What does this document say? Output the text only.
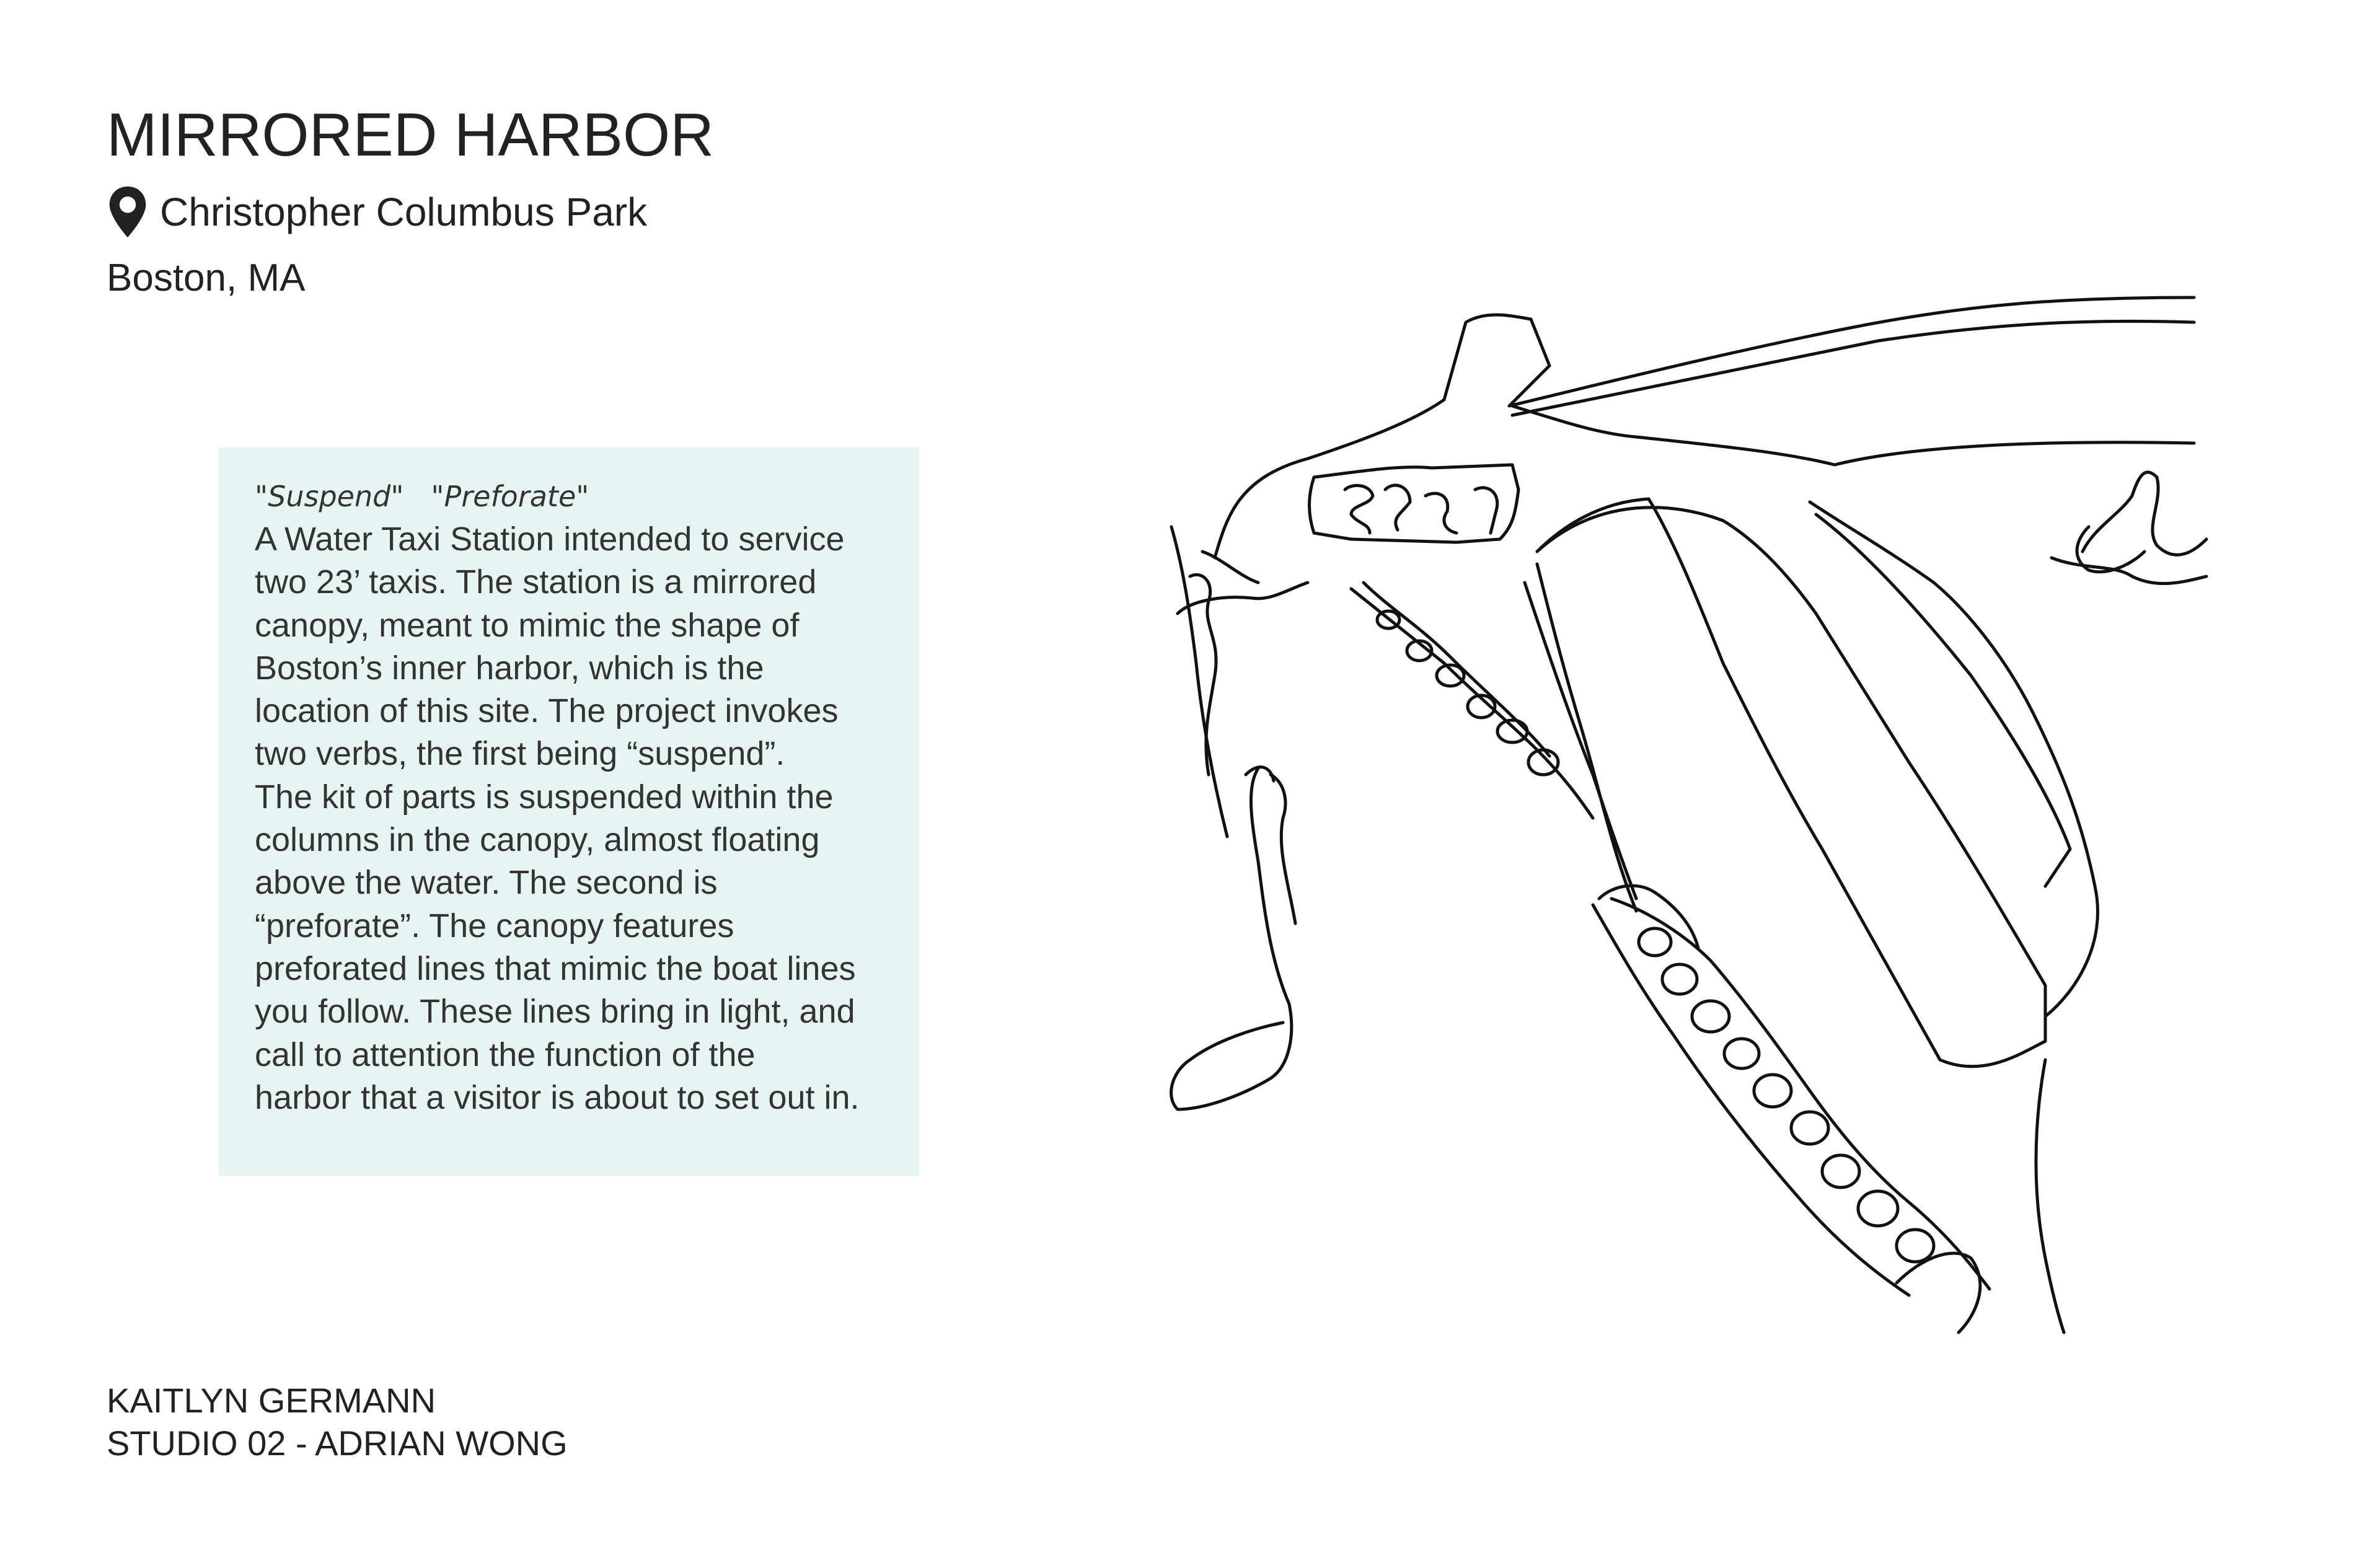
MIRRORED HARBOR
Christopher Columbus Park
Boston, MA
"Suspend"   "Preforate"
A Water Taxi Station intended to service
two 23’ taxis. The station is a mirrored
canopy, meant to mimic the shape of
Boston’s inner harbor, which is the
location of this site. The project invokes
two verbs, the first being “suspend”.
The kit of parts is suspended within the
columns in the canopy, almost floating
above the water. The second is
“preforate”. The canopy features
preforated lines that mimic the boat lines
you follow. These lines bring in light, and
call to attention the function of the
harbor that a visitor is about to set out in.
KAITLYN GERMANN
STUDIO 02 - ADRIAN WONG
